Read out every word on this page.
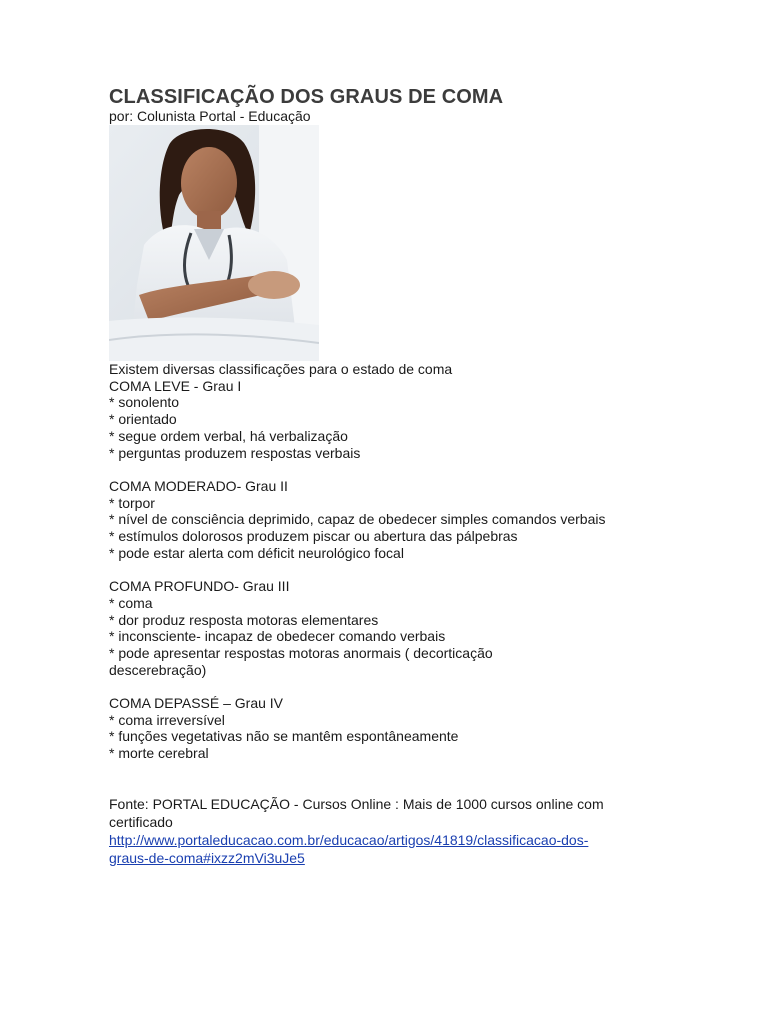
CLASSIFICAÇÃO DOS GRAUS DE COMA

por: Colunista Portal - Educação

Existem diversas classificações para o estado de coma

COMA LEVE - Grau I

* sonolento

* orientado

* segue ordem verbal, há verbalização

* perguntas produzem respostas verbais

COMA MODERADO- Grau II

* torpor

* nível de consciência deprimido, capaz de obedecer simples comandos verbais

* estímulos dolorosos produzem piscar ou abertura das pálpebras

* pode estar alerta com déficit neurológico focal

COMA PROFUNDO- Grau III

* coma

* dor produz resposta motoras elementares

* inconsciente- incapaz de obedecer comando verbais

* pode apresentar respostas motoras anormais ( decorticação descerebração)

COMA DEPASSÉ – Grau IV

* coma irreversível

* funções vegetativas não se mantêm espontâneamente

* morte cerebral

Fonte: PORTAL EDUCAÇÃO - Cursos Online : Mais de 1000 cursos online com certificado

http://www.portaleducacao.com.br/educacao/artigos/41819/classificacao-dos-
graus-de-coma#ixzz2mVi3uJe5
